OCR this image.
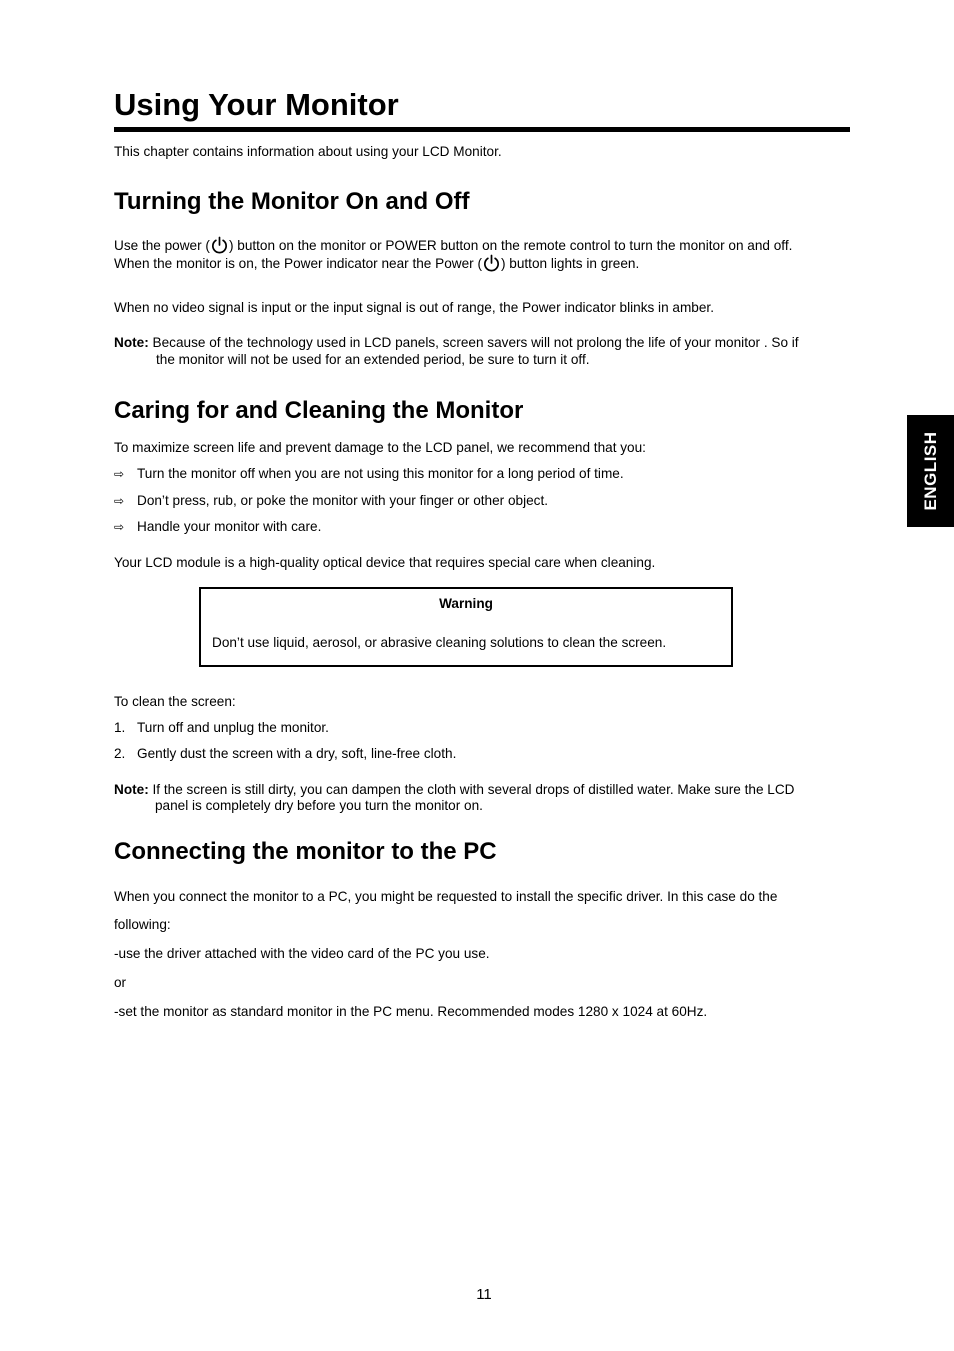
Using Your Monitor
This chapter contains information about using your LCD Monitor.
Turning the Monitor On and Off
Use the power ( ) button on the monitor or POWER button on the remote control to turn the monitor on and off.
When the monitor is on, the Power indicator near the Power ( ) button lights in green.
When no video signal is input or the input signal is out of range, the Power indicator blinks in amber.
Note: Because of the technology used in LCD panels, screen savers will not prolong the life of your monitor . So if
the monitor will not be used for an extended period, be sure to turn it off.
Caring for and Cleaning the Monitor
To maximize screen life and prevent damage to the LCD panel, we recommend that you:
⇨ Turn the monitor off when you are not using this monitor for a long period of time.
⇨ Don’t press, rub, or poke the monitor with your finger or other object.
⇨ Handle your monitor with care.
Your LCD module is a high-quality optical device that requires special care when cleaning.
Warning
Don’t use liquid, aerosol, or abrasive cleaning solutions to clean the screen.
To clean the screen:
1. Turn off and unplug the monitor.
2. Gently dust the screen with a dry, soft, line-free cloth.
Note: If the screen is still dirty, you can dampen the cloth with several drops of distilled water. Make sure the LCD
panel is completely dry before you turn the monitor on.
Connecting the monitor to the PC
When you connect the monitor to a PC, you might be requested to install the specific driver. In this case do the
following:
-use the driver attached with the video card of the PC you use.
or
-set the monitor as standard monitor in the PC menu. Recommended modes 1280 x 1024 at 60Hz.
ENGLISH
11
